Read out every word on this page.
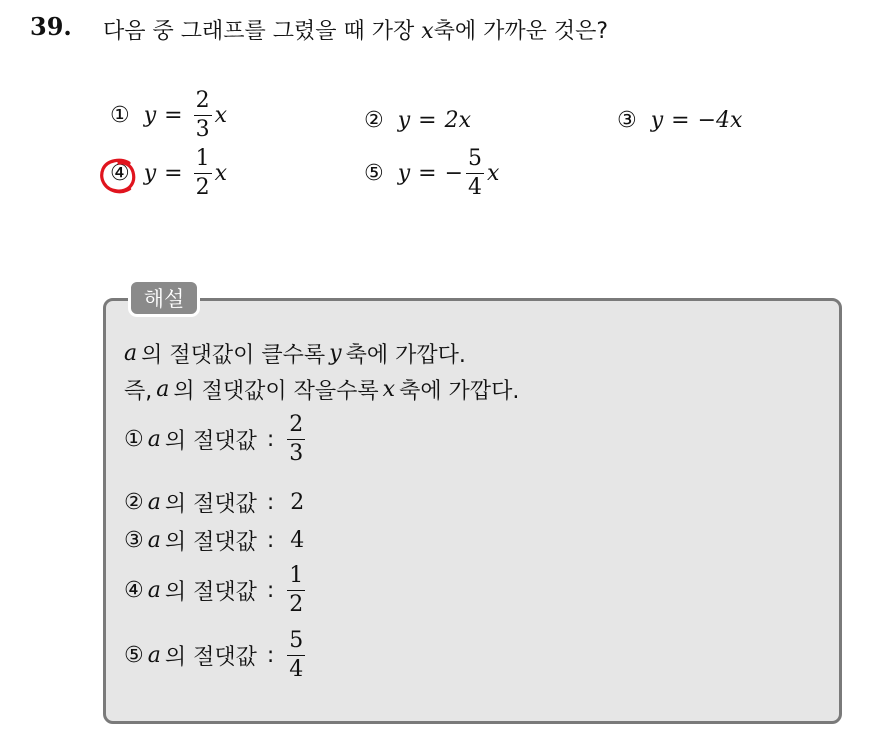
39. 다음 중 그래프를 그렸을 때 가장 x축에 가까운 것은?
① $y = \frac{2}{3}$ x	② y = 2x	③ y = −4x
④ $y = \frac{1}{2}$ x	⑤ y = − $\frac{5}{4}$ x
해설
a 의 절댓값이 클수록 y 축에 가깝다.
즉, a 의 절댓값이 작을수록 x 축에 가깝다.
① a 의 절댓값 : $\frac{2}{3}$
② a 의 절댓값 : 2
③ a 의 절댓값 : 4
④ a 의 절댓값 : $\frac{1}{2}$
⑤ a 의 절댓값 : $\frac{5}{4}$
